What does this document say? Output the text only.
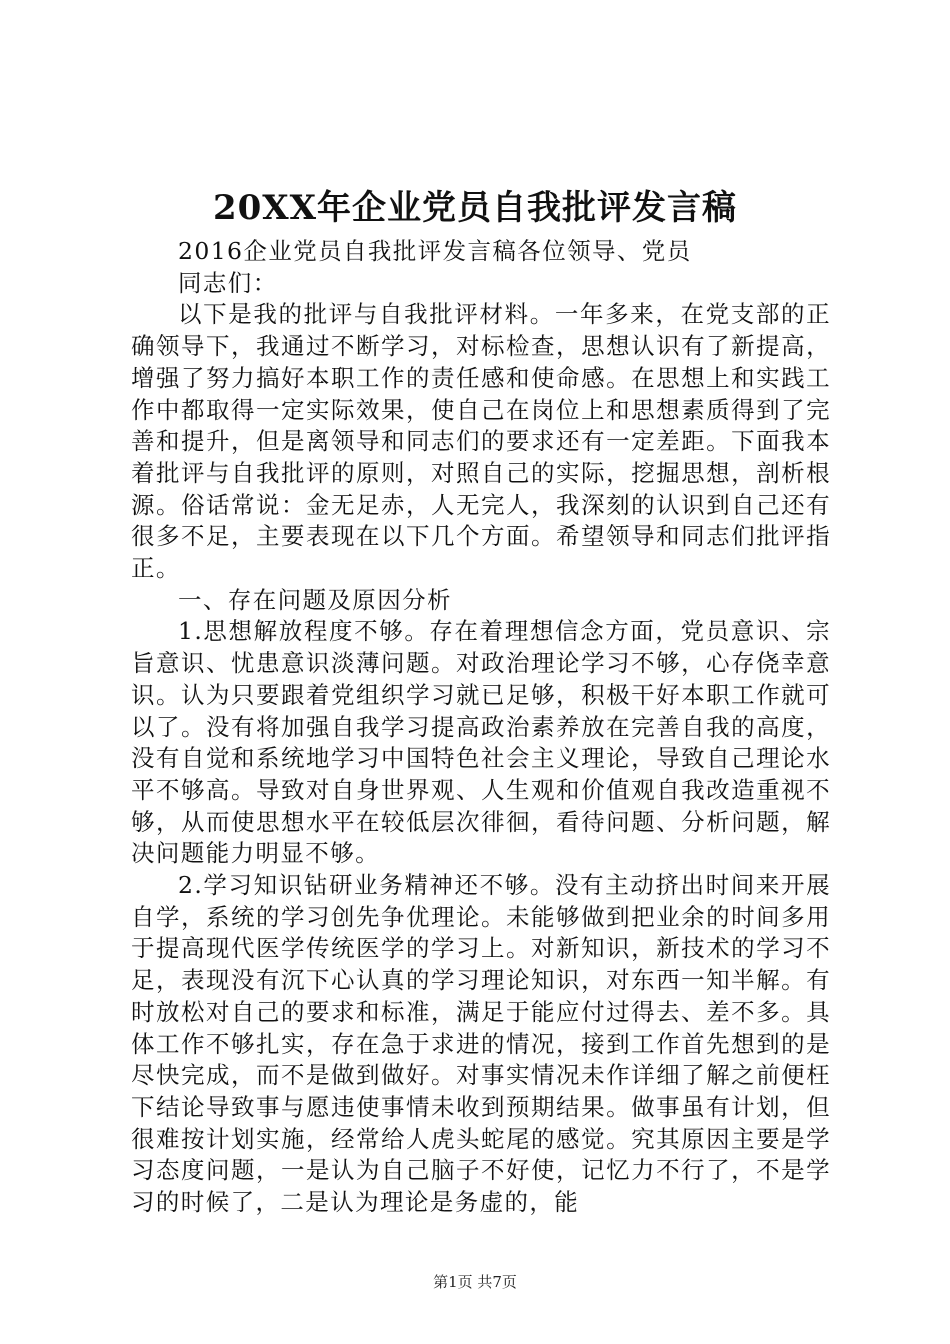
20XX年企业党员自我批评发言稿

2016企业党员自我批评发言稿各位领导、党员

同志们：

以下是我的批评与自我批评材料。一年多来，在党支部的正确领导下，我通过不断学习，对标检查，思想认识有了新提高，增强了努力搞好本职工作的责任感和使命感。在思想上和实践工作中都取得一定实际效果，使自己在岗位上和思想素质得到了完善和提升，但是离领导和同志们的要求还有一定差距。下面我本着批评与自我批评的原则，对照自己的实际，挖掘思想，剖析根源。俗话常说：金无足赤，人无完人，我深刻的认识到自己还有很多不足，主要表现在以下几个方面。希望领导和同志们批评指正。

一、存在问题及原因分析

1.思想解放程度不够。存在着理想信念方面，党员意识、宗旨意识、忧患意识淡薄问题。对政治理论学习不够，心存侥幸意识。认为只要跟着党组织学习就已足够，积极干好本职工作就可以了。没有将加强自我学习提高政治素养放在完善自我的高度，没有自觉和系统地学习中国特色社会主义理论，导致自己理论水平不够高。导致对自身世界观、人生观和价值观自我改造重视不够，从而使思想水平在较低层次徘徊，看待问题、分析问题，解决问题能力明显不够。

2.学习知识钻研业务精神还不够。没有主动挤出时间来开展自学，系统的学习创先争优理论。未能够做到把业余的时间多用于提高现代医学传统医学的学习上。对新知识，新技术的学习不足，表现没有沉下心认真的学习理论知识，对东西一知半解。有时放松对自己的要求和标准，满足于能应付过得去、差不多。具体工作不够扎实，存在急于求进的情况，接到工作首先想到的是尽快完成，而不是做到做好。对事实情况未作详细了解之前便枉下结论导致事与愿违使事情未收到预期结果。做事虽有计划，但很难按计划实施，经常给人虎头蛇尾的感觉。究其原因主要是学习态度问题，一是认为自己脑子不好使，记忆力不行了，不是学习的时候了，二是认为理论是务虚的，能

第1页 共7页
